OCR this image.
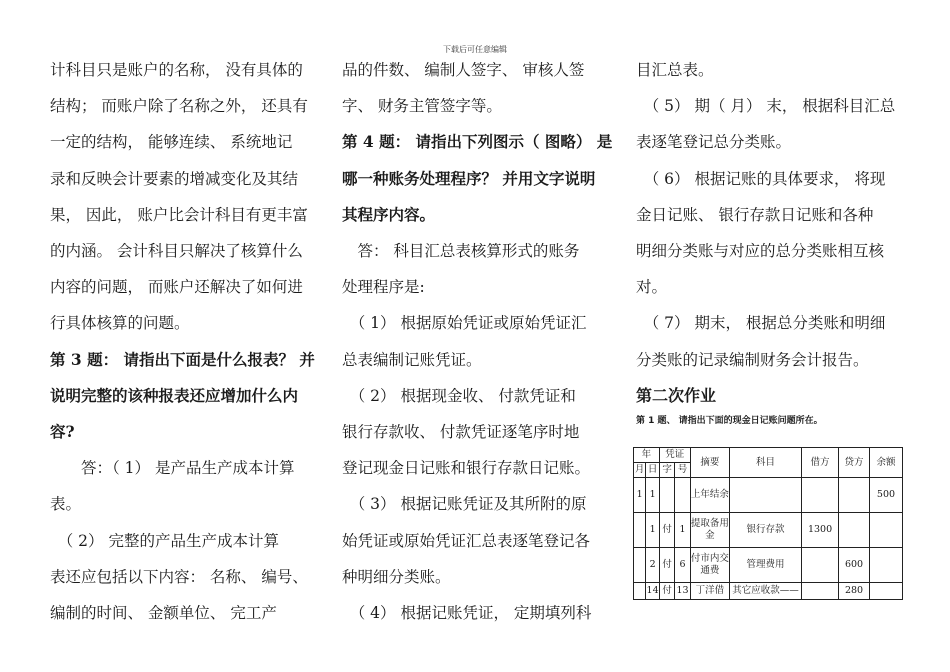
下载后可任意编辑

计科目只是账户的名称， 没有具体的

结构； 而账户除了名称之外， 还具有

一定的结构， 能够连续、 系统地记

录和反映会计要素的增减变化及其结

果， 因此， 账户比会计科目有更丰富

的内涵。 会计科目只解决了核算什么

内容的问题， 而账户还解决了如何进

行具体核算的问题。

第 3 题： 请指出下面是什么报表？ 并

说明完整的该种报表还应增加什么内

容?

　　答：（ 1） 是产品生产成本计算

表。

　（ 2） 完整的产品生产成本计算

表还应包括以下内容： 名称、 编号、

编制的时间、 金额单位、 完工产

品的件数、 编制人签字、 审核人签

字、 财务主管签字等。

第 4 题： 请指出下列图示（ 图略） 是

哪一种账务处理程序？ 并用文字说明

其程序内容。

　答： 科目汇总表核算形式的账务

处理程序是:

　（ 1） 根据原始凭证或原始凭证汇

总表编制记账凭证。

　（ 2） 根据现金收、 付款凭证和

银行存款收、 付款凭证逐笔序时地

登记现金日记账和银行存款日记账。

　（ 3） 根据记账凭证及其所附的原

始凭证或原始凭证汇总表逐笔登记各

种明细分类账。

　（ 4） 根据记账凭证， 定期填列科

目汇总表。

　（ 5） 期（ 月） 末， 根据科目汇总

表逐笔登记总分类账。

　（ 6） 根据记账的具体要求， 将现

金日记账、 银行存款日记账和各种

明细分类账与对应的总分类账相互核

对。

　（ 7） 期末， 根据总分类账和明细

分类账的记录编制财务会计报告。

第二次作业

第 1 题、 请指出下面的现金日记账问题所在。

年		凭证		摘要	科目	借方	贷方	余额
月	日	字	号					
1	1			上年结余				500
	1	付	1	提取备用金	银行存款	1300		
	2	付	6	付市内交通费	管理费用		600	
	14	付	13	丁洋借	其它应收款——		280	
